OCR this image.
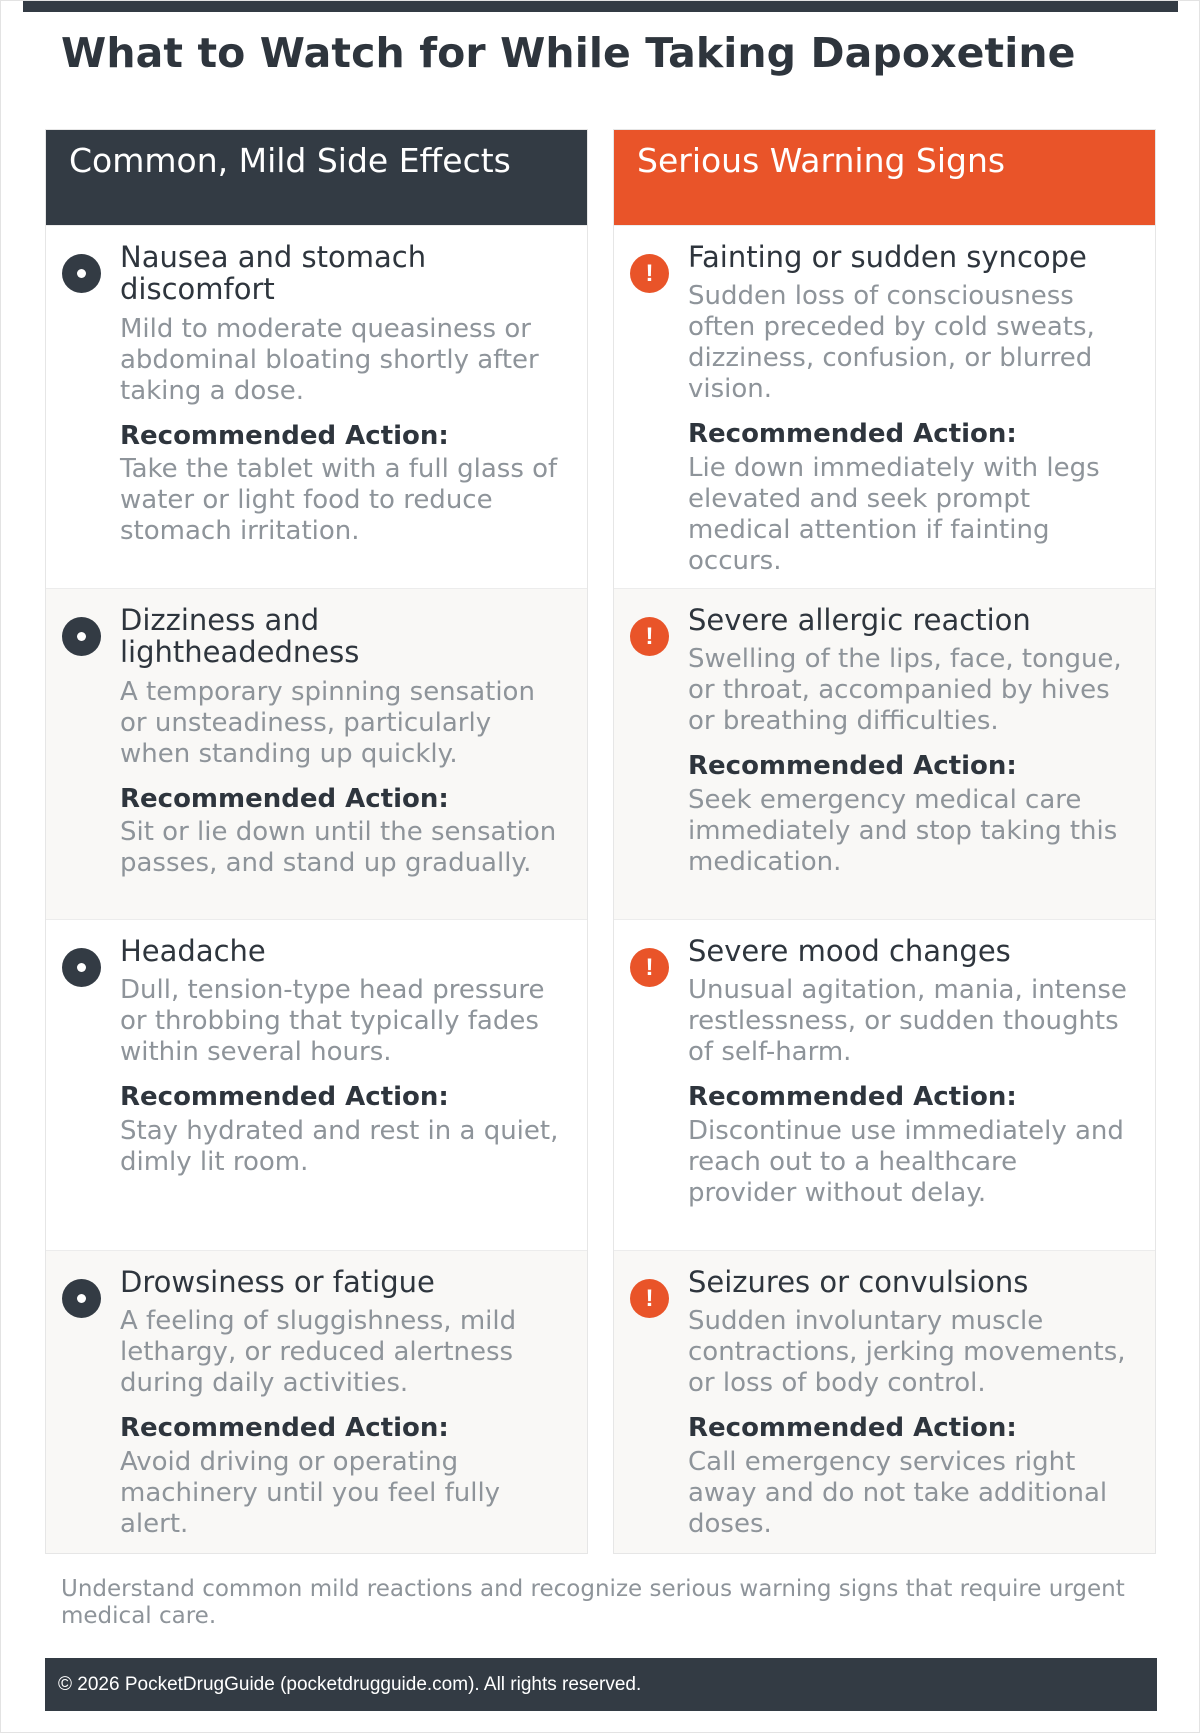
What to Watch for While Taking Dapoxetine
Common, Mild Side Effects
Nausea and stomach discomfort

Mild to moderate queasiness or abdominal bloating shortly after taking a dose.

Recommended Action:

Take the tablet with a full glass of water or light food to reduce stomach irritation.

Dizziness and lightheadedness

A temporary spinning sensation or unsteadiness, particularly when standing up quickly.

Recommended Action:

Sit or lie down until the sensation passes, and stand up gradually.

Headache

Dull, tension-type head pressure or throbbing that typically fades within several hours.

Recommended Action:

Stay hydrated and rest in a quiet, dimly lit room.

Drowsiness or fatigue

A feeling of sluggishness, mild lethargy, or reduced alertness during daily activities.

Recommended Action:

Avoid driving or operating machinery until you feel fully alert.

Serious Warning Signs
!	Fainting or sudden syncope

Sudden loss of consciousness often preceded by cold sweats, dizziness, confusion, or blurred vision.

Recommended Action:

Lie down immediately with legs elevated and seek prompt medical attention if fainting occurs.

!	Severe allergic reaction

Swelling of the lips, face, tongue, or throat, accompanied by hives or breathing difficulties.

Recommended Action:

Seek emergency medical care immediately and stop taking this medication.

!	Severe mood changes

Unusual agitation, mania, intense restlessness, or sudden thoughts of self-harm.

Recommended Action:

Discontinue use immediately and reach out to a healthcare provider without delay.

!	Seizures or convulsions

Sudden involuntary muscle contractions, jerking movements, or loss of body control.

Recommended Action:

Call emergency services right away and do not take additional doses.

Understand common mild reactions and recognize serious warning signs that require urgent medical care.

© 2026 PocketDrugGuide (pocketdrugguide.com). All rights reserved.
